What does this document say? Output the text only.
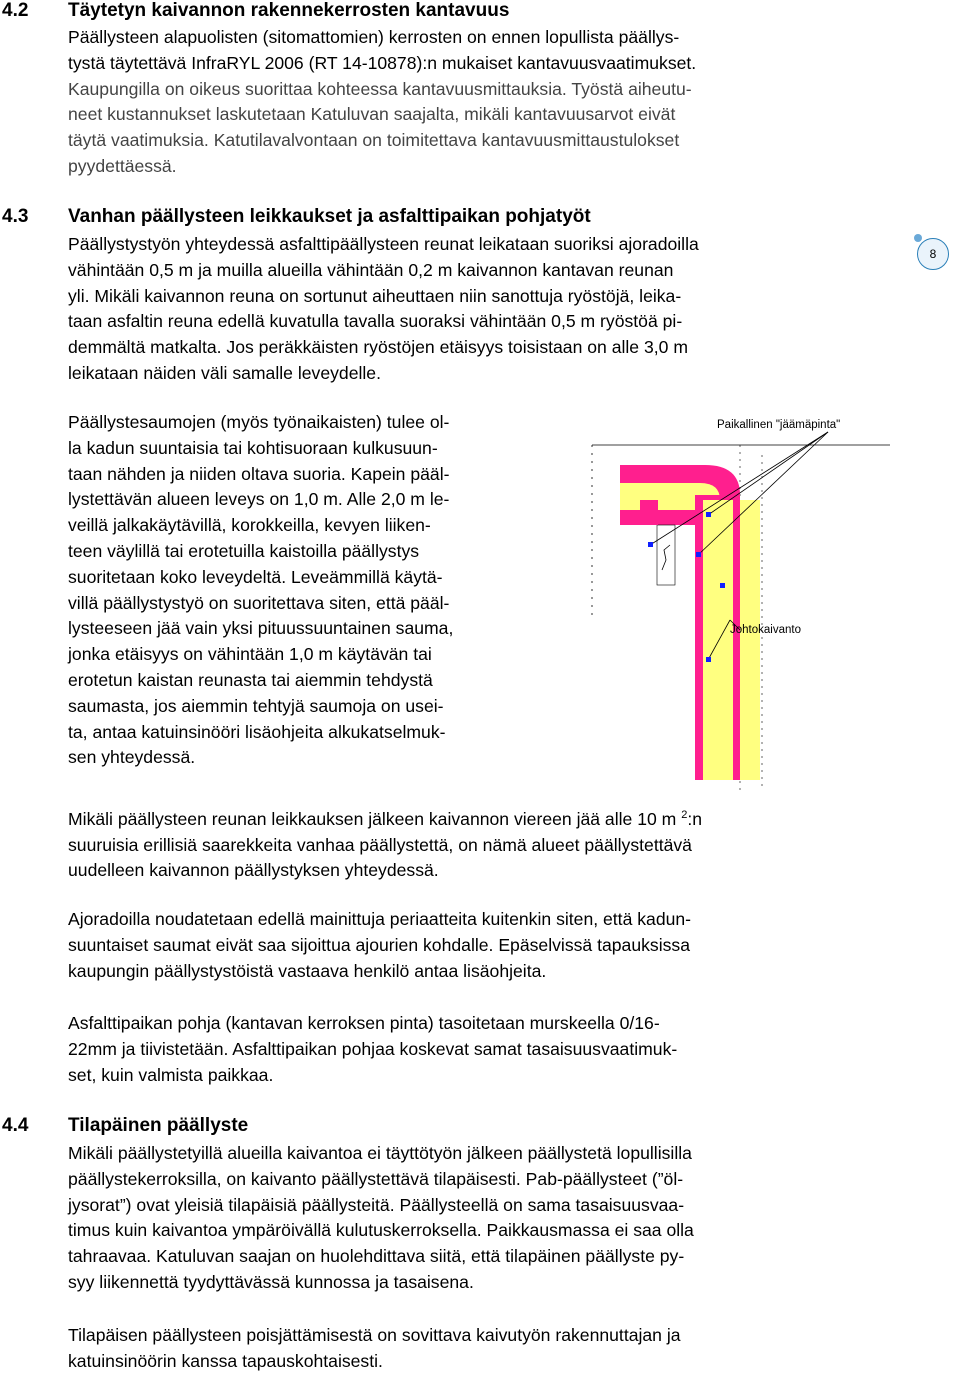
4.2 Täytetyn kaivannon rakennekerrosten kantavuus
Päällysteen alapuolisten (sitomattomien) kerrosten on ennen lopullista päällys-
tystä täytettävä InfraRYL 2006 (RT 14-10878):n mukaiset kantavuusvaatimukset.
Kaupungilla on oikeus suorittaa kohteessa kantavuusmittauksia. Työstä aiheutu-
neet kustannukset laskutetaan Katuluvan saajalta, mikäli kantavuusarvot eivät
täytä vaatimuksia. Katutilavalvontaan on toimitettava kantavuusmittaustulokset
pyydettäessä.
4.3 Vanhan päällysteen leikkaukset ja asfalttipaikan pohjatyöt
Päällystystyön yhteydessä asfalttipäällysteen reunat leikataan suoriksi ajoradoilla
vähintään 0,5 m ja muilla alueilla vähintään 0,2 m kaivannon kantavan reunan
yli. Mikäli kaivannon reuna on sortunut aiheuttaen niin sanottuja ryöstöjä, leika-
taan asfaltin reuna edellä kuvatulla tavalla suoraksi vähintään 0,5 m ryöstöä pi-
demmältä matkalta. Jos peräkkäisten ryöstöjen etäisyys toisistaan on alle 3,0 m
leikataan näiden väli samalle leveydelle.
8
Päällystesaumojen (myös työnaikaisten) tulee ol-
la kadun suuntaisia tai kohtisuoraan kulkusuun-
taan nähden ja niiden oltava suoria. Kapein pääl-
lystettävän alueen leveys on 1,0 m. Alle 2,0 m le-
veillä jalkakäytävillä, korokkeilla, kevyen liiken-
teen väylillä tai erotetuilla kaistoilla päällystys
suoritetaan koko leveydeltä. Leveämmillä käytä-
villä päällystystyö on suoritettava siten, että pääl-
lysteeseen jää vain yksi pituussuuntainen sauma,
jonka etäisyys on vähintään 1,0 m käytävän tai
erotetun kaistan reunasta tai aiemmin tehdystä
saumasta, jos aiemmin tehtyjä saumoja on usei-
ta, antaa katuinsinööri lisäohjeita alkukatselmuk-
sen yhteydessä.
Paikallinen "jäämäpinta"
Johtokaivanto
Mikäli päällysteen reunan leikkauksen jälkeen kaivannon viereen jää alle 10 m $^2$:n
suuruisia erillisiä saarekkeita vanhaa päällystettä, on nämä alueet päällystettävä
uudelleen kaivannon päällystyksen yhteydessä.
Ajoradoilla noudatetaan edellä mainittuja periaatteita kuitenkin siten, että kadun-
suuntaiset saumat eivät saa sijoittua ajourien kohdalle. Epäselvissä tapauksissa
kaupungin päällystystöistä vastaava henkilö antaa lisäohjeita.
Asfalttipaikan pohja (kantavan kerroksen pinta) tasoitetaan murskeella 0/16-
22mm ja tiivistetään. Asfalttipaikan pohjaa koskevat samat tasaisuusvaatimuk-
set, kuin valmista paikkaa.
4.4 Tilapäinen päällyste
Mikäli päällystetyillä alueilla kaivantoa ei täyttötyön jälkeen päällystetä lopullisilla
päällystekerroksilla, on kaivanto päällystettävä tilapäisesti. Pab-päällysteet (”öl-
jysorat”) ovat yleisiä tilapäisiä päällysteitä. Päällysteellä on sama tasaisuusvaa-
timus kuin kaivantoa ympäröivällä kulutuskerroksella. Paikkausmassa ei saa olla
tahraavaa. Katuluvan saajan on huolehdittava siitä, että tilapäinen päällyste py-
syy liikennettä tyydyttävässä kunnossa ja tasaisena.
Tilapäisen päällysteen poisjättämisestä on sovittava kaivutyön rakennuttajan ja
katuinsinöörin kanssa tapauskohtaisesti.
